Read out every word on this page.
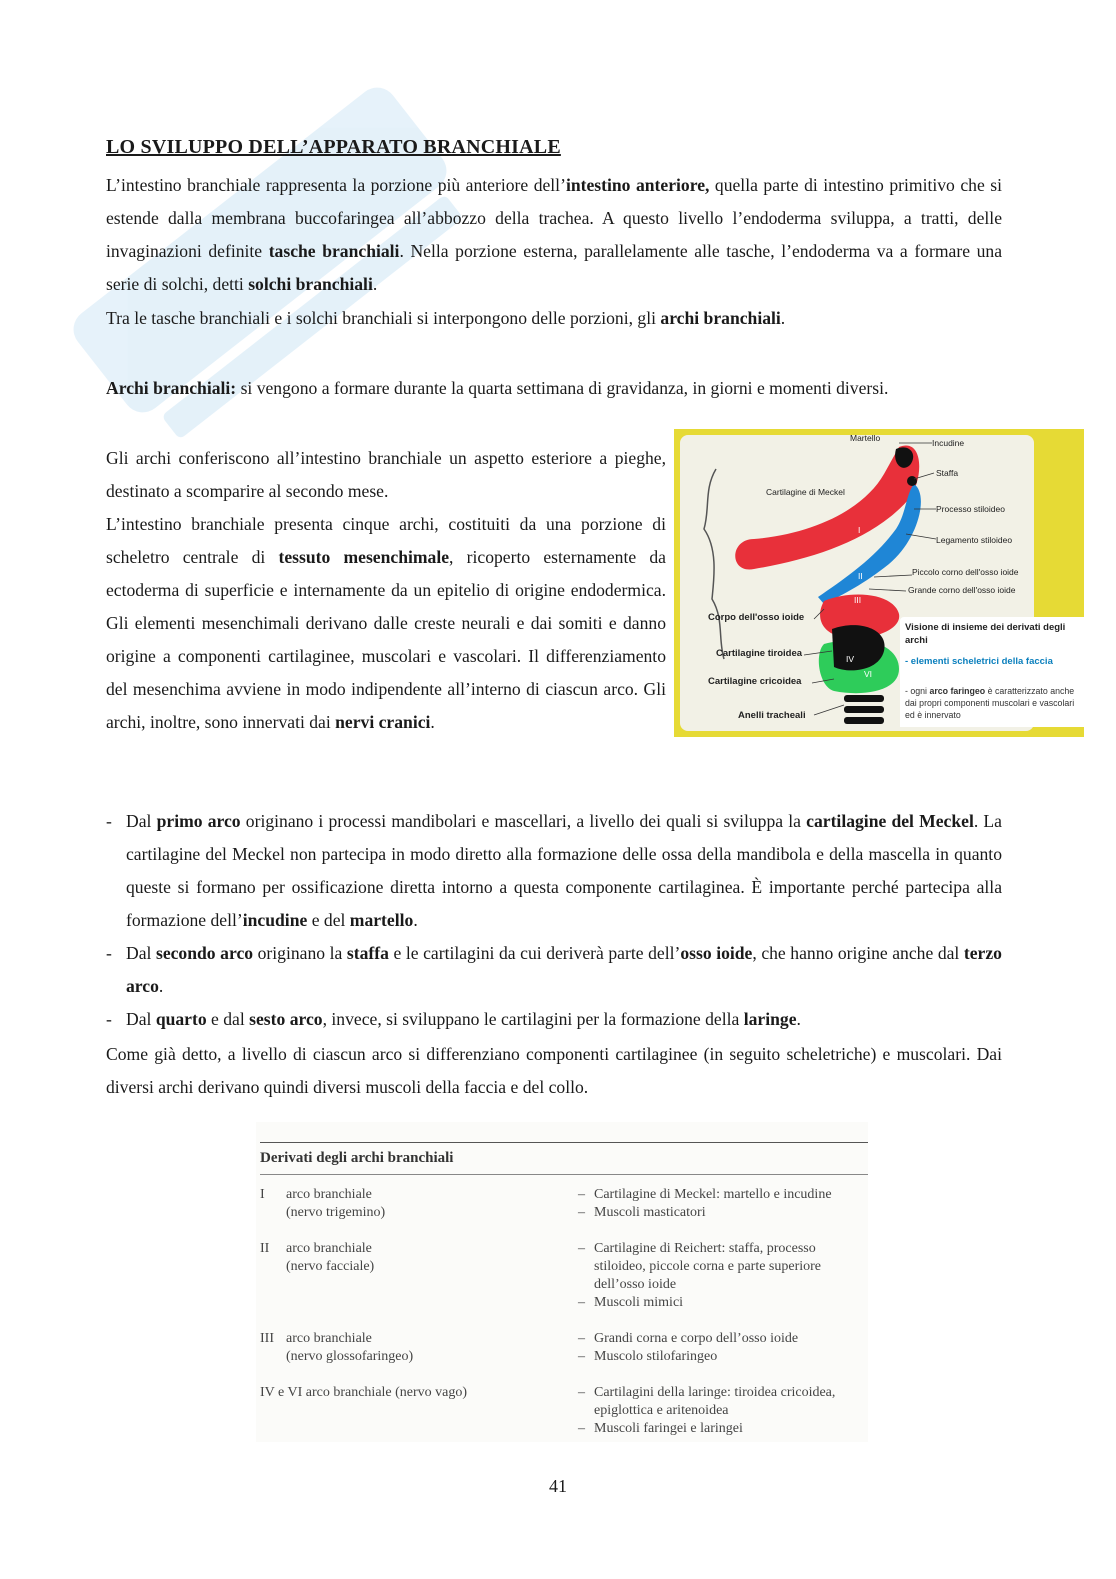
LO SVILUPPO DELL’APPARATO BRANCHIALE

L’intestino branchiale rappresenta la porzione più anteriore dell’intestino anteriore, quella parte di intestino primitivo che si estende dalla membrana buccofaringea all’abbozzo della trachea. A questo livello l’endoderma sviluppa, a tratti, delle invaginazioni definite tasche branchiali. Nella porzione esterna, parallelamente alle tasche, l’endoderma va a formare una serie di solchi, detti solchi branchiali.

Tra le tasche branchiali e i solchi branchiali si interpongono delle porzioni, gli archi branchiali.

Archi branchiali: si vengono a formare durante la quarta settimana di gravidanza, in giorni e momenti diversi.

Gli archi conferiscono all’intestino branchiale un aspetto esteriore a pieghe, destinato a scomparire al secondo mese.

L’intestino branchiale presenta cinque archi, costituiti da una porzione di scheletro centrale di tessuto mesenchimale, ricoperto esternamente da ectoderma di superficie e internamente da un epitelio di origine endodermica. Gli elementi mesenchimali derivano dalle creste neurali e dai somiti e danno origine a componenti cartilaginee, muscolari e vascolari. Il differenziamento del mesenchima avviene in modo indipendente all’interno di ciascun arco. Gli archi, inoltre, sono innervati dai nervi cranici.

Martello	Incudine
Staffa
Cartilagine di Meckel
Processo stiloideo
Legamento stiloideo
Piccolo corno dell'osso ioide
Grande corno dell'osso ioide
Corpo dell'osso ioide
Cartilagine tiroidea
Cartilagine cricoidea
Anelli tracheali
I
II
III
IV
VI
Visione di insieme dei derivati degli archi
- elementi scheletrici della faccia
- ogni arco faringeo è caratterizzato anche dai propri componenti muscolari e vascolari ed è innervato
- Dal primo arco originano i processi mandibolari e mascellari, a livello dei quali si sviluppa la cartilagine del Meckel. La cartilagine del Meckel non partecipa in modo diretto alla formazione delle ossa della mandibola e della mascella in quanto queste si formano per ossificazione diretta intorno a questa componente cartilaginea. È importante perché partecipa alla formazione dell’incudine e del martello.
- Dal secondo arco originano la staffa e le cartilagini da cui deriverà parte dell’osso ioide, che hanno origine anche dal terzo arco.
- Dal quarto e dal sesto arco, invece, si sviluppano le cartilagini per la formazione della laringe.

Come già detto, a livello di ciascun arco si differenziano componenti cartilaginee (in seguito scheletriche) e muscolari. Dai diversi archi derivano quindi diversi muscoli della faccia e del collo.

Derivati degli archi branchiali
I	arco branchiale
(nervo trigemino)
– Cartilagine di Meckel: martello e incudine
– Muscoli masticatori
II	arco branchiale
(nervo facciale)
– Cartilagine di Reichert: staffa, processo stiloideo, piccole corna e parte superiore dell’osso ioide
– Muscoli mimici
III arco branchiale
(nervo glossofaringeo)
– Grandi corna e corpo dell’osso ioide
– Muscolo stilofaringeo
IV e VI arco branchiale (nervo vago)
–	Cartilagini della laringe: tiroidea cricoidea, epiglottica e aritenoidea
– Muscoli faringei e laringei
41
